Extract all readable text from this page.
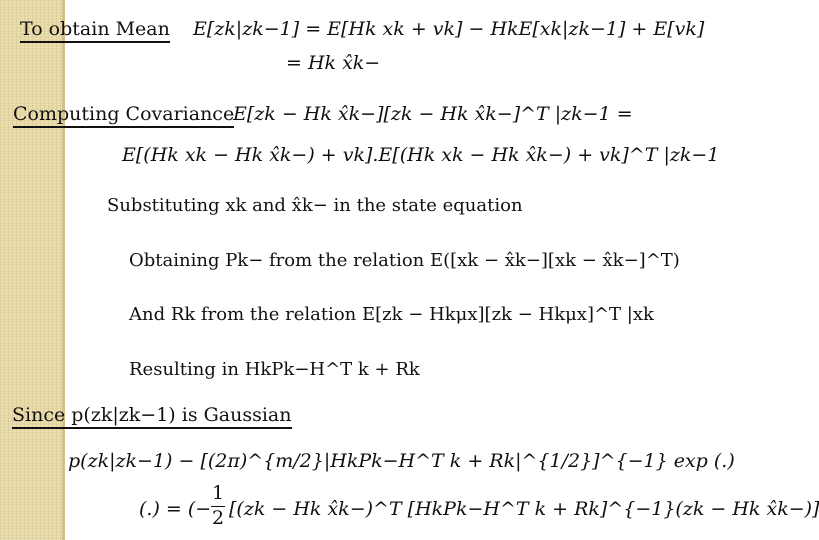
To obtain Mean E[zk|zk−1] = E[Hk xk + vk] − HkE[xk|zk−1] + E[vk]
= Hk x̂k−
Computing Covariance
E[zk − Hk x̂k−][zk − Hk x̂k−]^T |zk−1 =
E[(Hk xk − Hk x̂k−) + vk].E[(Hk xk − Hk x̂k−) + vk]^T |zk−1
Substituting xk and x̂k− in the state equation
Obtaining Pk− from the relation E([xk − x̂k−][xk − x̂k−]^T)
And Rk from the relation E[zk − Hkμx][zk − Hkμx]^T |xk
Resulting in HkPk−H^T k + Rk
Since p(zk|zk−1) is Gaussian
p(zk|zk−1) − [(2π)^{m/2}|HkPk−H^T k + Rk|^{1/2}]^{−1} exp (.)
(.) = (−
1
2 [(zk − Hk x̂k−)^T [HkPk−H^T k + Rk]^{−1}(zk − Hk x̂k−)]
